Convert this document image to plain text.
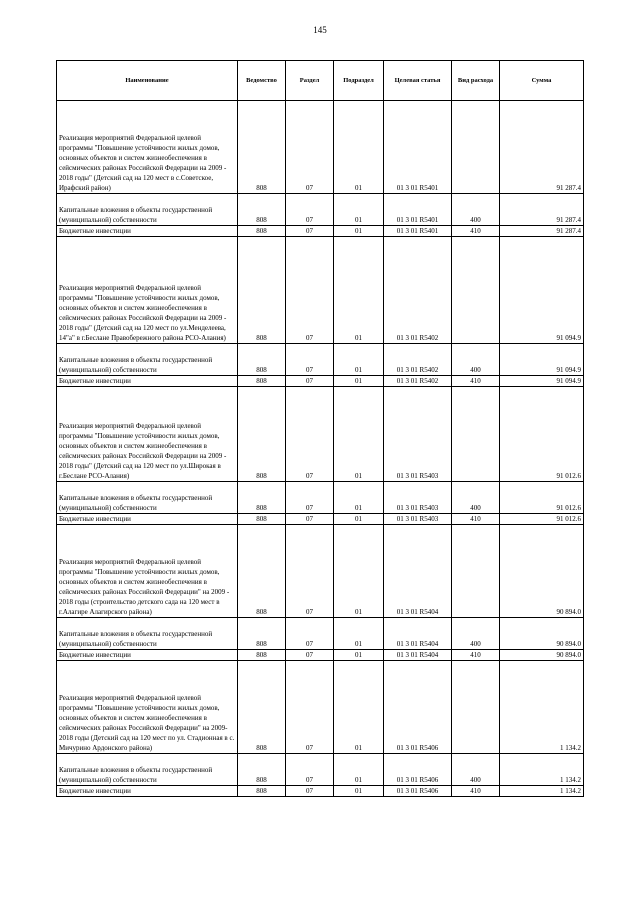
145
Наименование	Ведомство	Раздел	Подраздел	Целевая статья	Вид расхода	Сумма
Реализация мероприятий Федеральной целевой программы "Повышение устойчивости жилых домов, основных объектов и систем жизнеобеспечения в сейсмических районах Российской Федерации на 2009 - 2018 годы" (Детский сад на 120 мест в с.Советское, Ирафский район)	808	07	01	01 3 01 R5401		91 287.4
Капитальные вложения в объекты государственной (муниципальной) собственности	808	07	01	01 3 01 R5401	400	91 287.4
Бюджетные инвестиции	808	07	01	01 3 01 R5401	410	91 287.4
Реализация мероприятий Федеральной целевой программы "Повышение устойчивости жилых домов, основных объектов и систем жизнеобеспечения в сейсмических районах Российской Федерации на 2009 - 2018 годы" (Детский сад на 120 мест по ул.Менделеева, 14"а" в г.Беслане Правобережного района РСО-Алания)	808	07	01	01 3 01 R5402		91 094.9
Капитальные вложения в объекты государственной (муниципальной) собственности	808	07	01	01 3 01 R5402	400	91 094.9
Бюджетные инвестиции	808	07	01	01 3 01 R5402	410	91 094.9
Реализация мероприятий Федеральной целевой программы "Повышение устойчивости жилых домов, основных объектов и систем жизнеобеспечения в сейсмических районах Российской Федерации на 2009 - 2018 годы" (Детский сад на 120 мест по ул.Широкая в г.Беслане РСО-Алания)	808	07	01	01 3 01 R5403		91 012.6
Капитальные вложения в объекты государственной (муниципальной) собственности	808	07	01	01 3 01 R5403	400	91 012.6
Бюджетные инвестиции	808	07	01	01 3 01 R5403	410	91 012.6
Реализация мероприятий Федеральной целевой программы "Повышение устойчивости жилых домов, основных объектов и систем жизнеобеспечения в сейсмических районах Российской Федерации" на 2009 - 2018 годы (строительство детского сада на 120 мест в г.Алагире Алагирского района)	808	07	01	01 3 01 R5404		90 894.0
Капитальные вложения в объекты государственной (муниципальной) собственности	808	07	01	01 3 01 R5404	400	90 894.0
Бюджетные инвестиции	808	07	01	01 3 01 R5404	410	90 894.0
Реализация мероприятий Федеральной целевой программы "Повышение устойчивости жилых домов, основных объектов и систем жизнеобеспечения в сейсмических районах Российской Федерации" на 2009-2018 годы (Детский сад на 120 мест по ул. Стадионная в с. Мичурино Ардонского района)	808	07	01	01 3 01 R5406		1 134.2
Капитальные вложения в объекты государственной (муниципальной) собственности	808	07	01	01 3 01 R5406	400	1 134.2
Бюджетные инвестиции	808	07	01	01 3 01 R5406	410	1 134.2
